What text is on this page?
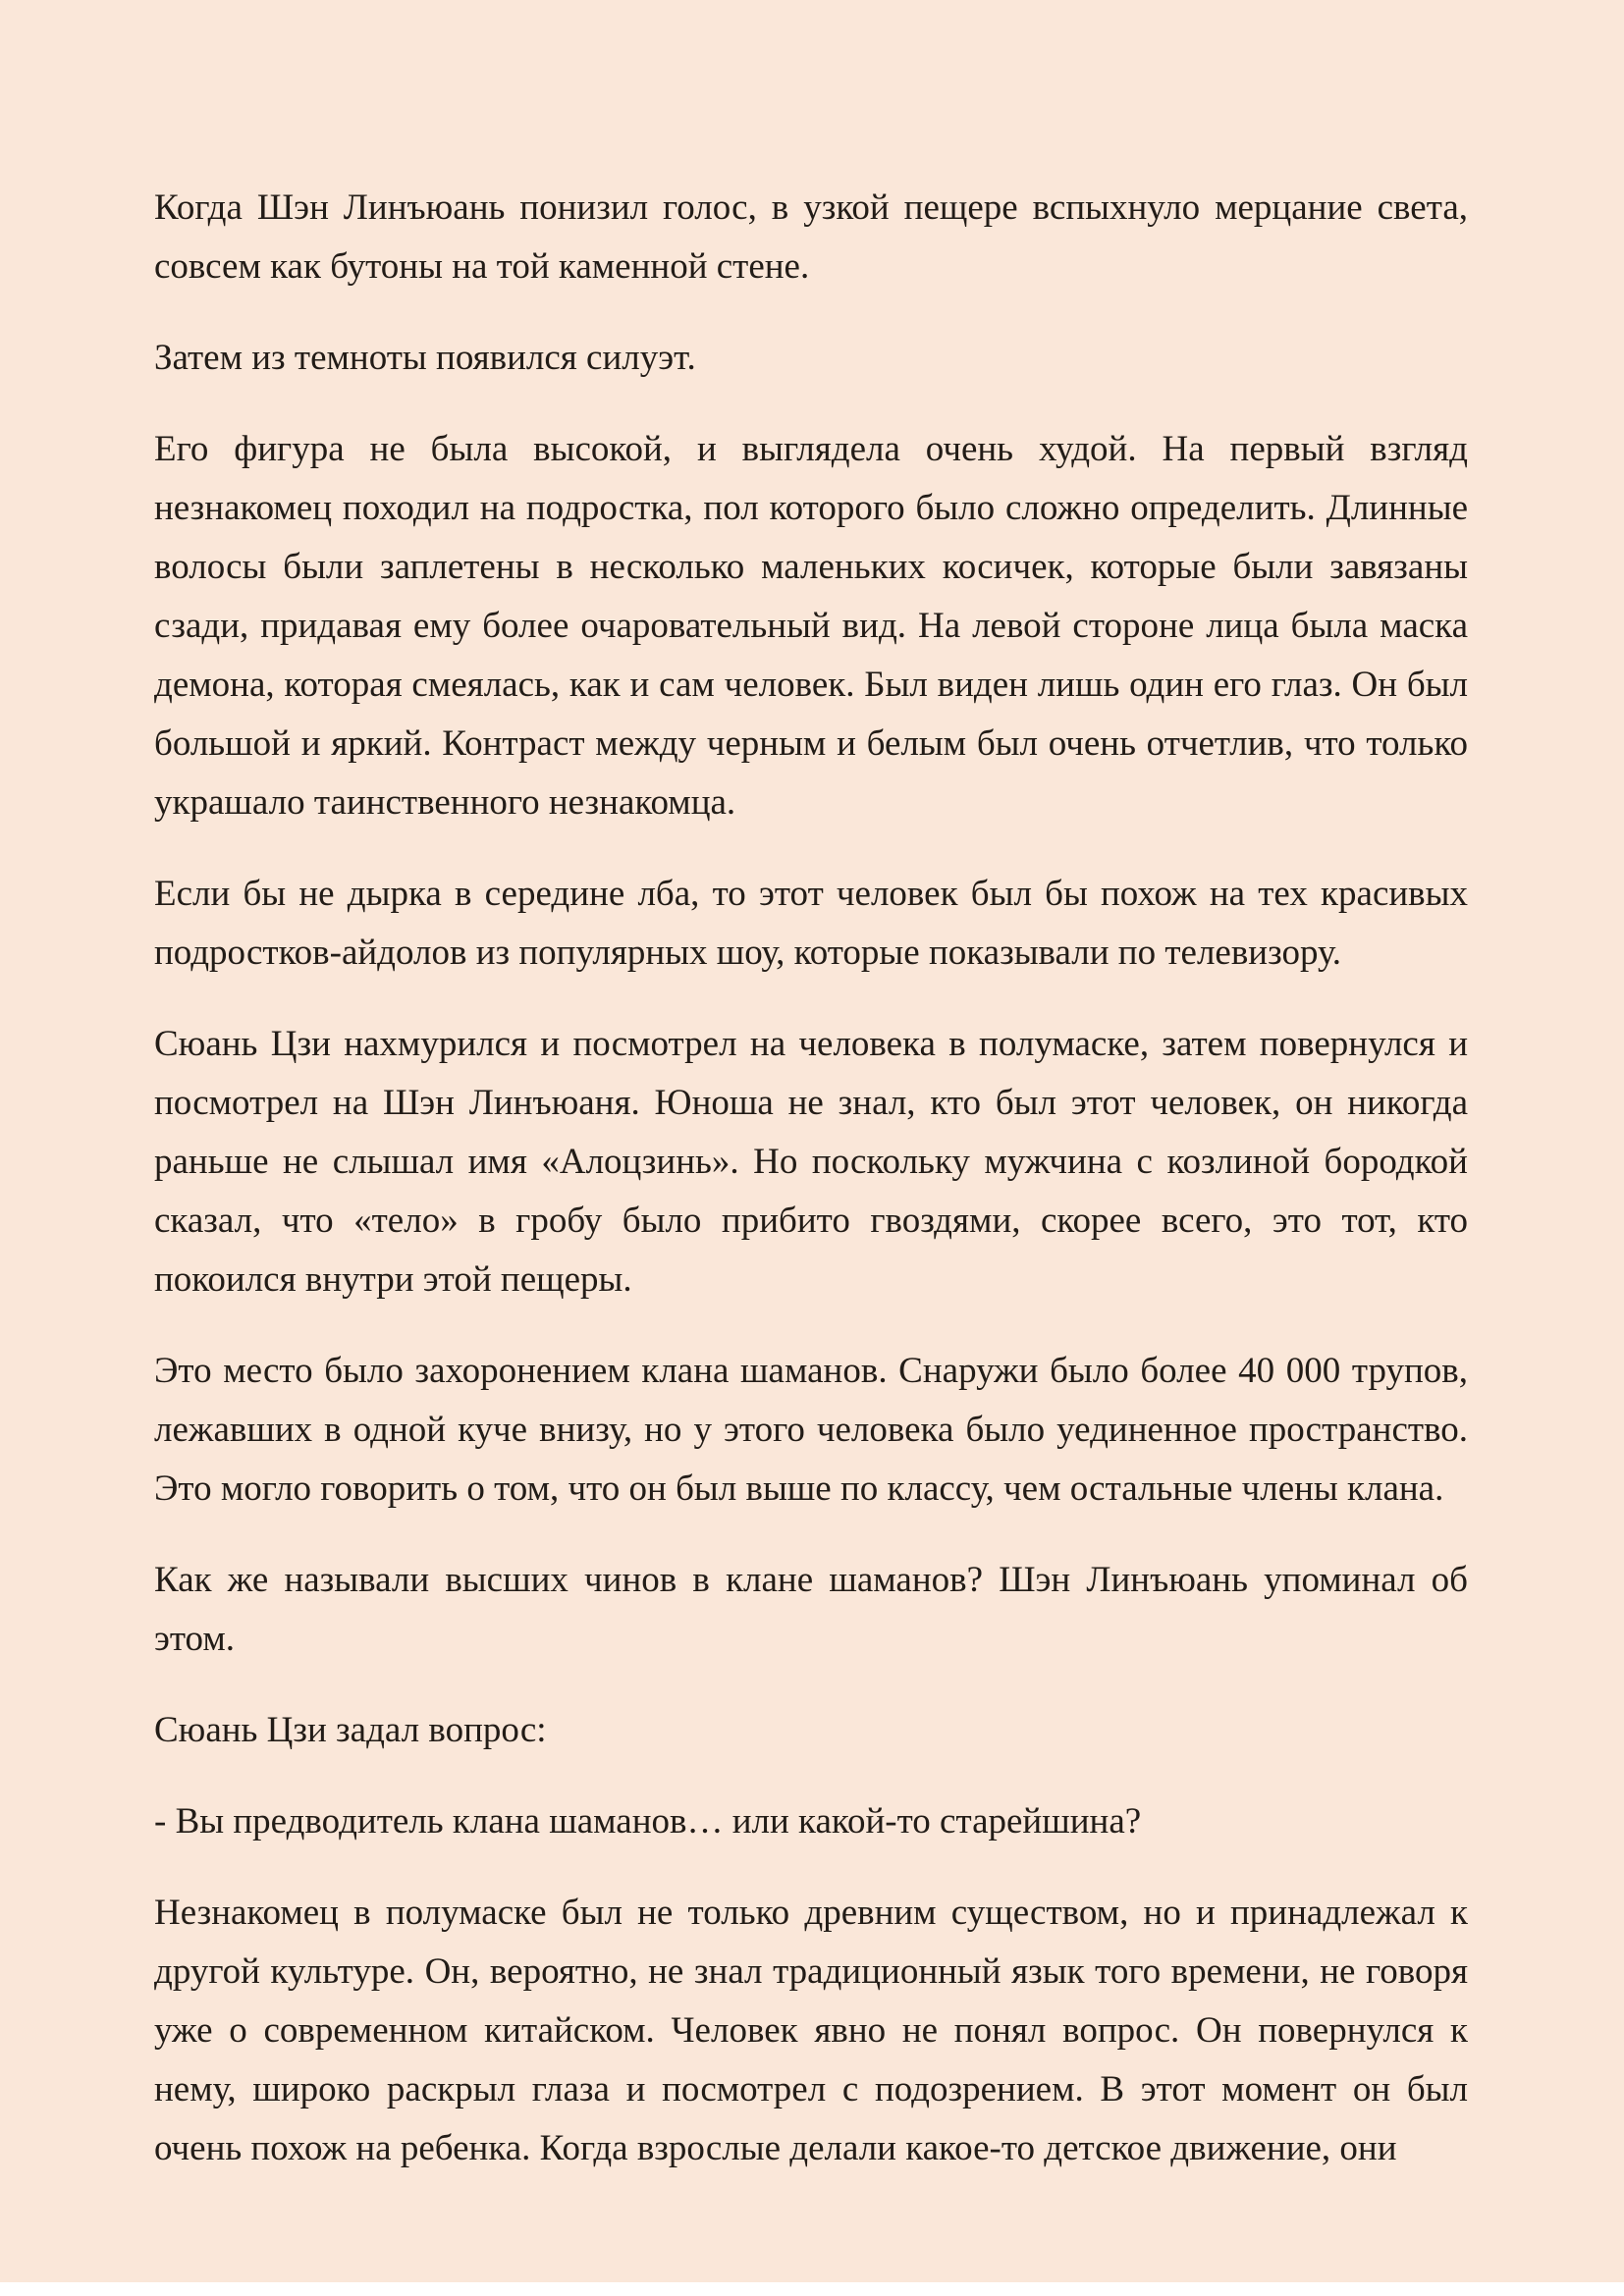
Когда Шэн Линъюань понизил голос, в узкой пещере вспыхнуло мерцание света, совсем как бутоны на той каменной стене.

Затем из темноты появился силуэт.

Его фигура не была высокой, и выглядела очень худой. На первый взгляд незнакомец походил на подростка, пол которого было сложно определить. Длинные волосы были заплетены в несколько маленьких косичек, которые были завязаны сзади, придавая ему более очаровательный вид. На левой стороне лица была маска демона, которая смеялась, как и сам человек. Был виден лишь один его глаз. Он был большой и яркий. Контраст между черным и белым был очень отчетлив, что только украшало таинственного незнакомца.

Если бы не дырка в середине лба, то этот человек был бы похож на тех красивых подростков-айдолов из популярных шоу, которые показывали по телевизору.

Сюань Цзи нахмурился и посмотрел на человека в полумаске, затем повернулся и посмотрел на Шэн Линъюаня. Юноша не знал, кто был этот человек, он никогда раньше не слышал имя «Алоцзинь». Но поскольку мужчина с козлиной бородкой сказал, что «тело» в гробу было прибито гвоздями, скорее всего, это тот, кто покоился внутри этой пещеры.

Это место было захоронением клана шаманов. Снаружи было более 40 000 трупов, лежавших в одной куче внизу, но у этого человека было уединенное пространство. Это могло говорить о том, что он был выше по классу, чем остальные члены клана.

Как же называли высших чинов в клане шаманов? Шэн Линъюань упоминал об этом.

Сюань Цзи задал вопрос:

- Вы предводитель клана шаманов… или какой-то старейшина?

Незнакомец в полумаске был не только древним существом, но и принадлежал к другой культуре. Он, вероятно, не знал традиционный язык того времени, не говоря уже о современном китайском. Человек явно не понял вопрос. Он повернулся к нему, широко раскрыл глаза и посмотрел с подозрением. В этот момент он был очень похож на ребенка. Когда взрослые делали какое-то детское движение, они
